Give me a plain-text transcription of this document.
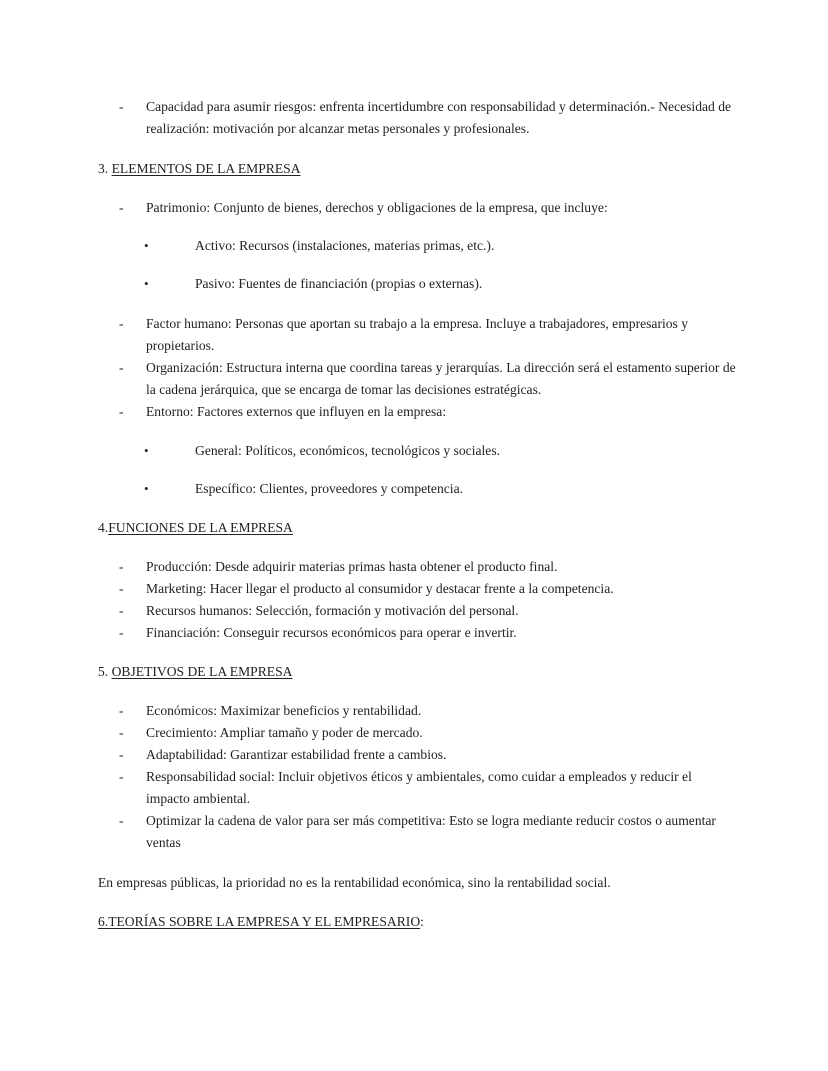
- Capacidad para asumir riesgos: enfrenta incertidumbre con responsabilidad y determinación.- Necesidad de realización: motivación por alcanzar metas personales y profesionales.
3. ELEMENTOS DE LA EMPRESA
- Patrimonio: Conjunto de bienes, derechos y obligaciones de la empresa, que incluye:
•	Activo: Recursos (instalaciones, materias primas, etc.).
•	Pasivo: Fuentes de financiación (propias o externas).
- Factor humano: Personas que aportan su trabajo a la empresa. Incluye a trabajadores, empresarios y propietarios.
- Organización: Estructura interna que coordina tareas y jerarquías. La dirección será el estamento superior de la cadena jerárquica, que se encarga de tomar las decisiones estratégicas.
- Entorno: Factores externos que influyen en la empresa:
•	General: Políticos, económicos, tecnológicos y sociales.
•	Específico: Clientes, proveedores y competencia.
4.FUNCIONES DE LA EMPRESA
- Producción: Desde adquirir materias primas hasta obtener el producto final.
- Marketing: Hacer llegar el producto al consumidor y destacar frente a la competencia.
- Recursos humanos: Selección, formación y motivación del personal.
- Financiación: Conseguir recursos económicos para operar e invertir.
5. OBJETIVOS DE LA EMPRESA
- Económicos: Maximizar beneficios y rentabilidad.
- Crecimiento: Ampliar tamaño y poder de mercado.
- Adaptabilidad: Garantizar estabilidad frente a cambios.
- Responsabilidad social: Incluir objetivos éticos y ambientales, como cuidar a empleados y reducir el impacto ambiental.
- Optimizar la cadena de valor para ser más competitiva: Esto se logra mediante reducir costos o aumentar ventas
En empresas públicas, la prioridad no es la rentabilidad económica, sino la rentabilidad social.
6.TEORÍAS SOBRE LA EMPRESA Y EL EMPRESARIO:
